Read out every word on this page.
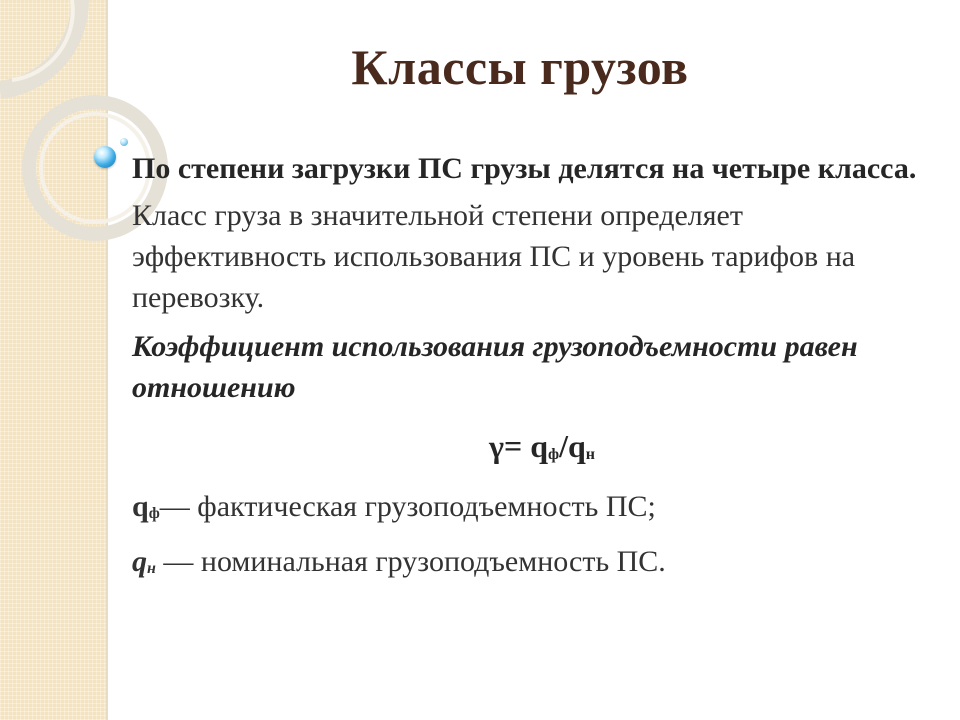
Классы грузов

По степени загрузки ПС грузы делятся на четыре класса.

Класс груза в значительной степени определяет эффективность использования ПС и уровень тарифов на перевозку.

Коэффициент использования грузоподъемности равен отношению

$\gamma= q_ф/q_н$
$q_ф—$ фактическая грузоподъемность ПС;
$q_н$ — номинальная грузоподъемность ПС.
